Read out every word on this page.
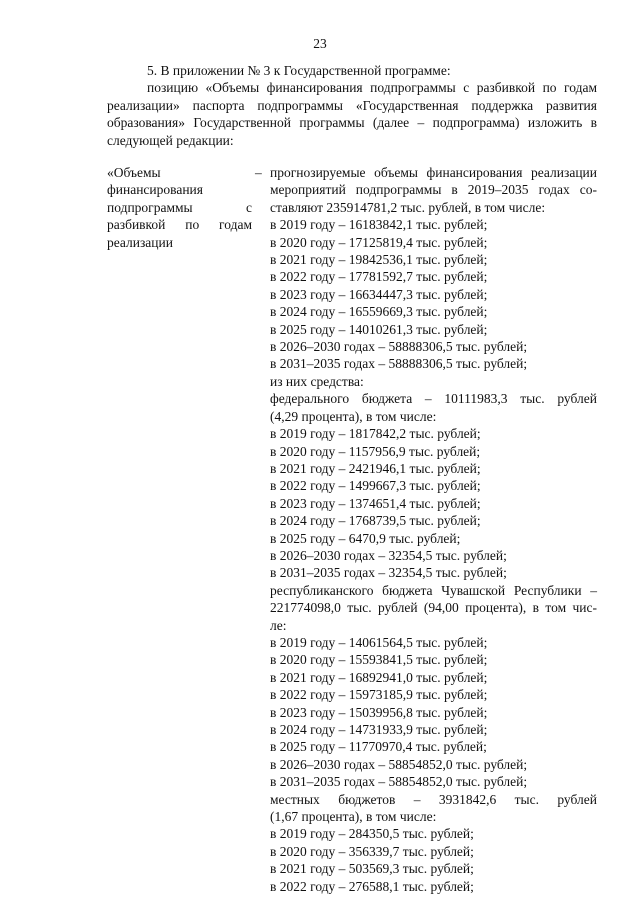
23
5. В приложении № 3 к Государственной программе:
позицию «Объемы финансирования подпрограммы с разбивкой по годам реализации» паспорта подпрограммы «Государственная поддержка развития образования» Государственной программы (далее – подпрограмма) изложить в следующей редакции:
«Объемы финансирования подпрограммы с разбивкой по годам реализации
– прогнозируемые объемы финансирования реализации
мероприятий подпрограммы в 2019–2035 годах со-
ставляют 235914781,2 тыс. рублей, в том числе:
в 2019 году – 16183842,1 тыс. рублей;
в 2020 году – 17125819,4 тыс. рублей;
в 2021 году – 19842536,1 тыс. рублей;
в 2022 году – 17781592,7 тыс. рублей;
в 2023 году – 16634447,3 тыс. рублей;
в 2024 году – 16559669,3 тыс. рублей;
в 2025 году – 14010261,3 тыс. рублей;
в 2026–2030 годах – 58888306,5 тыс. рублей;
в 2031–2035 годах – 58888306,5 тыс. рублей;
из них средства:
федерального бюджета – 10111983,3 тыс. рублей
(4,29 процента), в том числе:
в 2019 году – 1817842,2 тыс. рублей;
в 2020 году – 1157956,9 тыс. рублей;
в 2021 году – 2421946,1 тыс. рублей;
в 2022 году – 1499667,3 тыс. рублей;
в 2023 году – 1374651,4 тыс. рублей;
в 2024 году – 1768739,5 тыс. рублей;
в 2025 году – 6470,9 тыс. рублей;
в 2026–2030 годах – 32354,5 тыс. рублей;
в 2031–2035 годах – 32354,5 тыс. рублей;
республиканского бюджета Чувашской Республики –
221774098,0 тыс. рублей (94,00 процента), в том чис-
ле:
в 2019 году – 14061564,5 тыс. рублей;
в 2020 году – 15593841,5 тыс. рублей;
в 2021 году – 16892941,0 тыс. рублей;
в 2022 году – 15973185,9 тыс. рублей;
в 2023 году – 15039956,8 тыс. рублей;
в 2024 году – 14731933,9 тыс. рублей;
в 2025 году – 11770970,4 тыс. рублей;
в 2026–2030 годах – 58854852,0 тыс. рублей;
в 2031–2035 годах – 58854852,0 тыс. рублей;
местных бюджетов – 3931842,6 тыс. рублей
(1,67 процента), в том числе:
в 2019 году – 284350,5 тыс. рублей;
в 2020 году – 356339,7 тыс. рублей;
в 2021 году – 503569,3 тыс. рублей;
в 2022 году – 276588,1 тыс. рублей;
